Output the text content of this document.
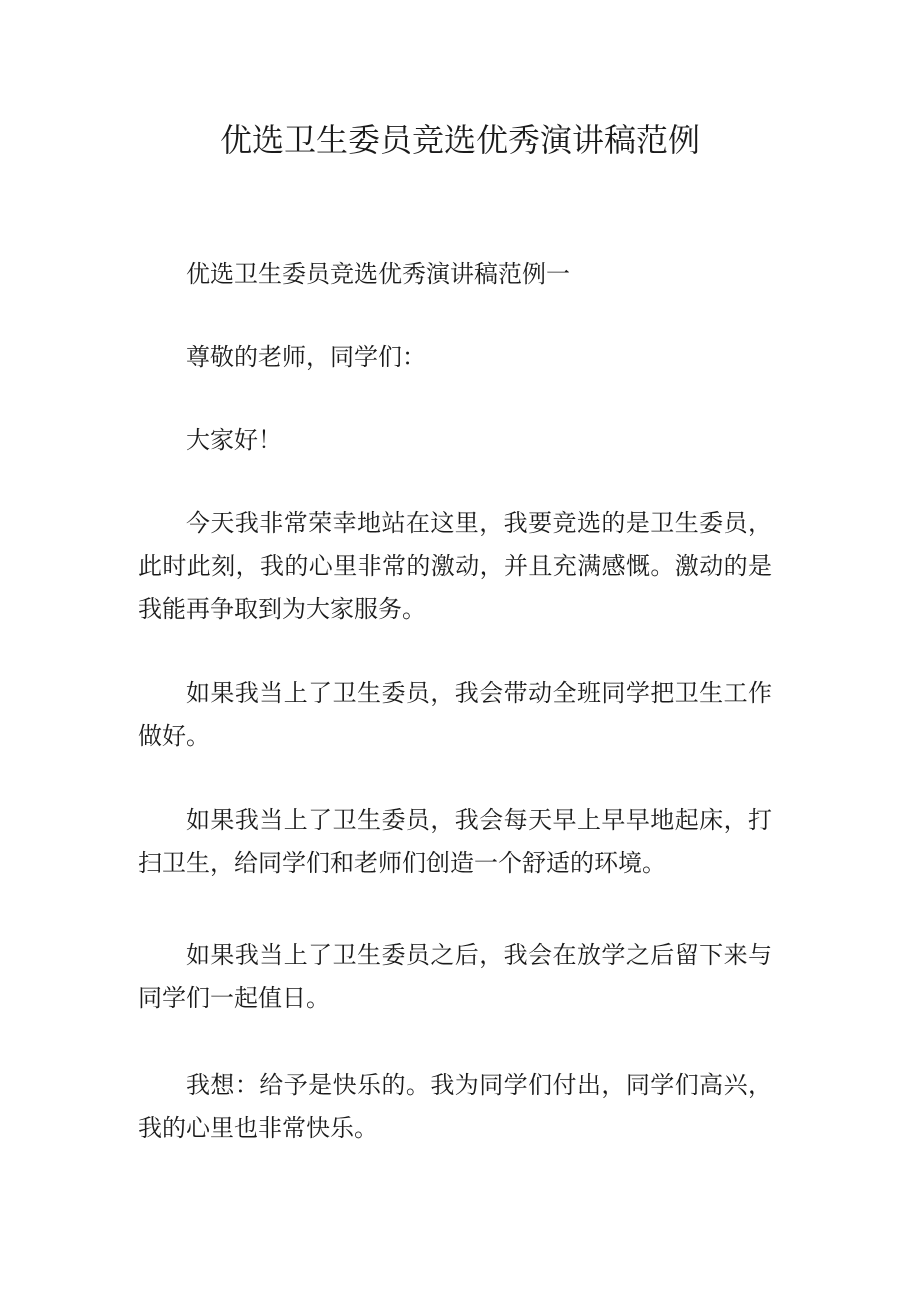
优选卫生委员竞选优秀演讲稿范例

优选卫生委员竞选优秀演讲稿范例一

尊敬的老师，同学们：

大家好！

今天我非常荣幸地站在这里，我要竞选的是卫生委员，此时此刻，我的心里非常的激动，并且充满感慨。激动的是我能再争取到为大家服务。

如果我当上了卫生委员，我会带动全班同学把卫生工作做好。

如果我当上了卫生委员，我会每天早上早早地起床，打扫卫生，给同学们和老师们创造一个舒适的环境。

如果我当上了卫生委员之后，我会在放学之后留下来与同学们一起值日。

我想：给予是快乐的。我为同学们付出，同学们高兴，我的心里也非常快乐。
